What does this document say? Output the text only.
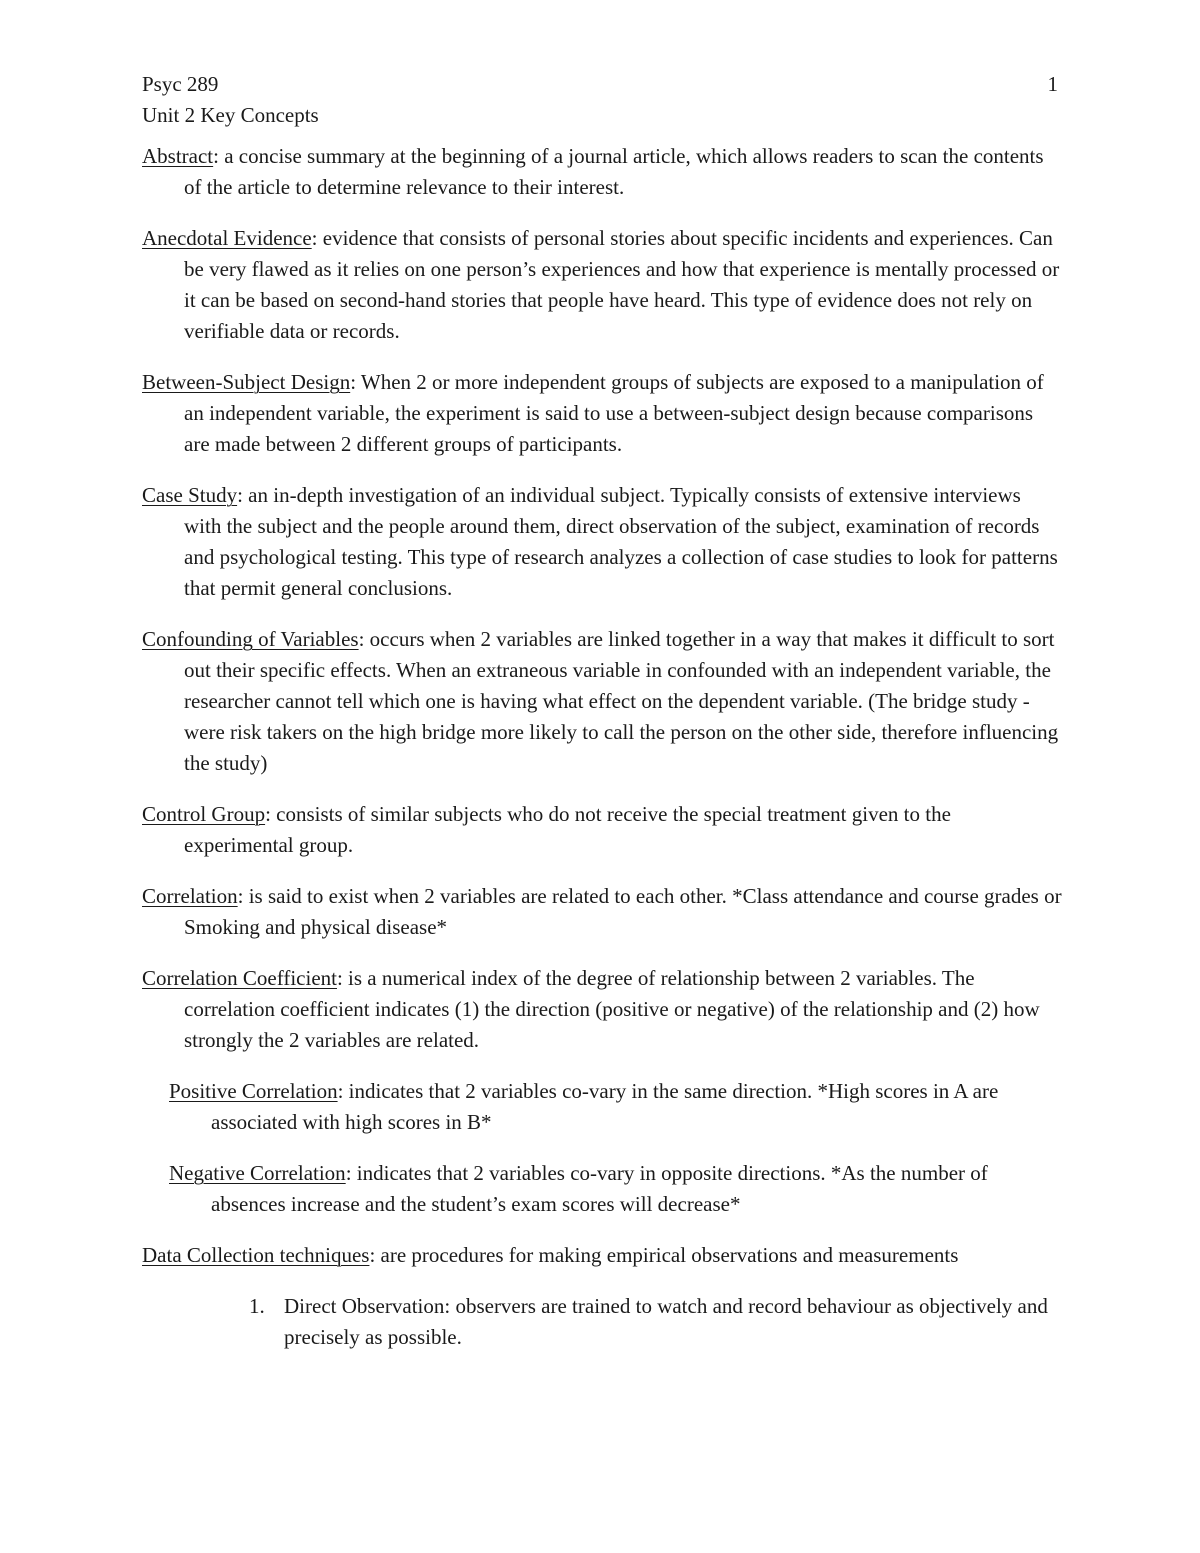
Psyc 289
Unit 2 Key Concepts
1

Abstract: a concise summary at the beginning of a journal article, which allows readers to scan the contents of the article to determine relevance to their interest.

Anecdotal Evidence: evidence that consists of personal stories about specific incidents and experiences. Can be very flawed as it relies on one person’s experiences and how that experience is mentally processed or it can be based on second-hand stories that people have heard. This type of evidence does not rely on verifiable data or records.

Between-Subject Design: When 2 or more independent groups of subjects are exposed to a manipulation of an independent variable, the experiment is said to use a between-subject design because comparisons are made between 2 different groups of participants.

Case Study: an in-depth investigation of an individual subject. Typically consists of extensive interviews with the subject and the people around them, direct observation of the subject, examination of records and psychological testing. This type of research analyzes a collection of case studies to look for patterns that permit general conclusions.

Confounding of Variables: occurs when 2 variables are linked together in a way that makes it difficult to sort out their specific effects. When an extraneous variable in confounded with an independent variable, the researcher cannot tell which one is having what effect on the dependent variable. (The bridge study - were risk takers on the high bridge more likely to call the person on the other side, therefore influencing the study)

Control Group: consists of similar subjects who do not receive the special treatment given to the experimental group.

Correlation: is said to exist when 2 variables are related to each other. *Class attendance and course grades or Smoking and physical disease*

Correlation Coefficient: is a numerical index of the degree of relationship between 2 variables. The correlation coefficient indicates (1) the direction (positive or negative) of the relationship and (2) how strongly the 2 variables are related.

Positive Correlation: indicates that 2 variables co-vary in the same direction. *High scores in A are associated with high scores in B*

Negative Correlation: indicates that 2 variables co-vary in opposite directions. *As the number of absences increase and the student’s exam scores will decrease*

Data Collection techniques: are procedures for making empirical observations and measurements

1. Direct Observation: observers are trained to watch and record behaviour as objectively and precisely as possible.
